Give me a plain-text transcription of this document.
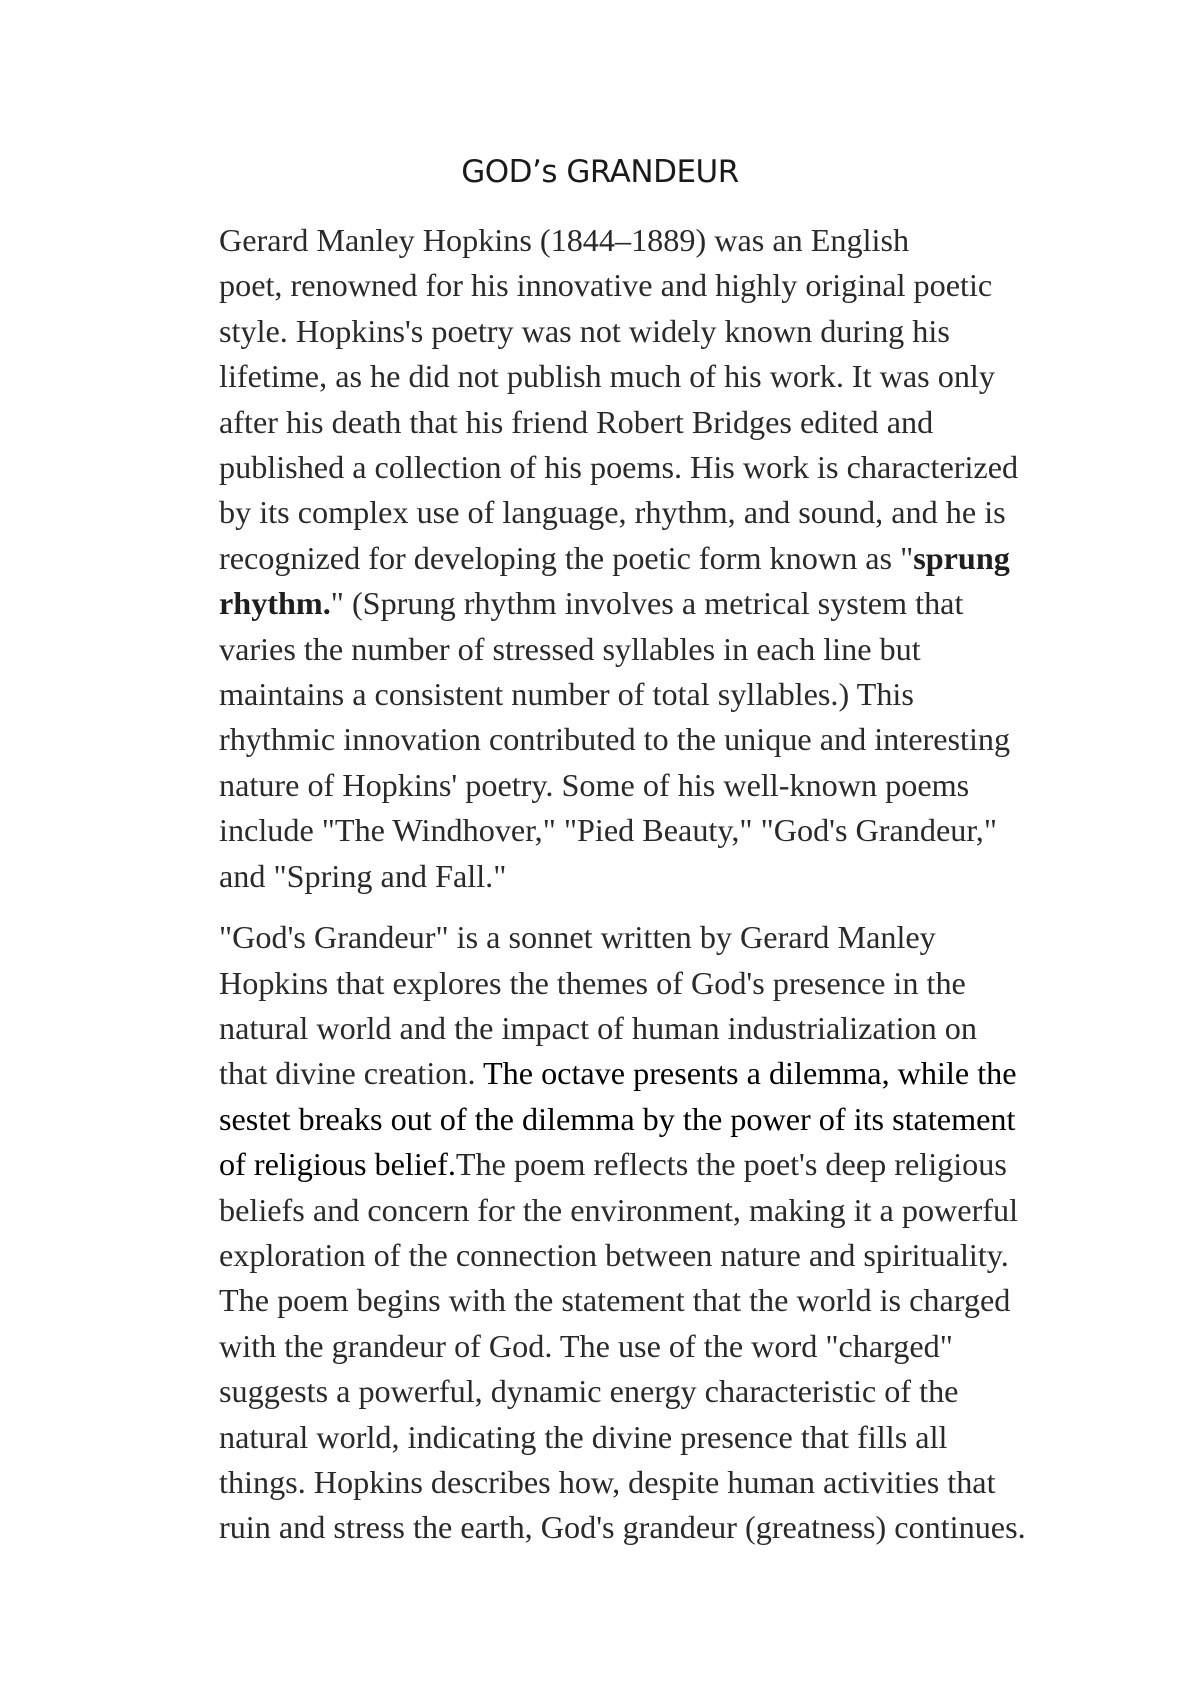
GOD’s GRANDEUR

Gerard Manley Hopkins (1844–1889) was an English
poet, renowned for his innovative and highly original poetic
style. Hopkins's poetry was not widely known during his
lifetime, as he did not publish much of his work. It was only
after his death that his friend Robert Bridges edited and
published a collection of his poems. His work is characterized
by its complex use of language, rhythm, and sound, and he is
recognized for developing the poetic form known as "sprung
rhythm." (Sprung rhythm involves a metrical system that
varies the number of stressed syllables in each line but
maintains a consistent number of total syllables.) This
rhythmic innovation contributed to the unique and interesting
nature of Hopkins' poetry. Some of his well-known poems
include "The Windhover," "Pied Beauty," "God's Grandeur,"
and "Spring and Fall."

"God's Grandeur" is a sonnet written by Gerard Manley
Hopkins that explores the themes of God's presence in the
natural world and the impact of human industrialization on
that divine creation. The octave presents a dilemma, while the
sestet breaks out of the dilemma by the power of its statement
of religious belief.The poem reflects the poet's deep religious
beliefs and concern for the environment, making it a powerful
exploration of the connection between nature and spirituality.
The poem begins with the statement that the world is charged
with the grandeur of God. The use of the word "charged"
suggests a powerful, dynamic energy characteristic of the
natural world, indicating the divine presence that fills all
things. Hopkins describes how, despite human activities that
ruin and stress the earth, God's grandeur (greatness) continues.
